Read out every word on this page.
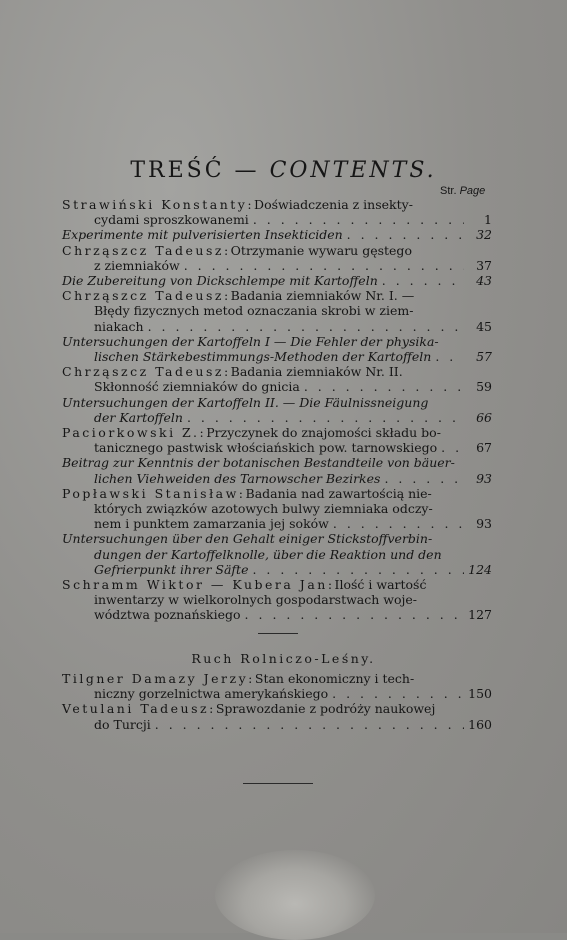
TREŚĆ — CONTENTS.
Str. Page
Strawiński Konstanty: Doświadczenia z insekty-
cydami sproszkowanemi . . .	1
Experimente mit pulverisierten Insekticiden . . .	32
Chrząszcz Tadeusz: Otrzymanie wywaru gęstego
z ziemniaków . . .	37
Die Zubereitung von Dickschlempe mit Kartoffeln . . .	43
Chrząszcz Tadeusz: Badania ziemniaków Nr. I. —
Błędy fizycznych metod oznaczania skrobi w ziem-
niakach . . .	45
Untersuchungen der Kartoffeln I — Die Fehler der physika-
lischen Stärkebestimmungs-Methoden der Kartoffeln . . .	57
Chrząszcz Tadeusz: Badania ziemniaków Nr. II.
Skłonność ziemniaków do gnicia . . .	59
Untersuchungen der Kartoffeln II. — Die Fäulnissneigung
der Kartoffeln . . .	66
Paciorkowski Z.: Przyczynek do znajomości składu bo-
tanicznego pastwisk włościańskich pow. tarnowskiego . . .	67
Beitrag zur Kenntnis der botanischen Bestandteile von bäuer-
lichen Viehweiden des Tarnowscher Bezirkes . . .	93
Popławski Stanisław: Badania nad zawartością nie-
których związków azotowych bulwy ziemniaka odczy-
nem i punktem zamarzania jej soków . . .	93
Untersuchungen über den Gehalt einiger Stickstoffverbin-
dungen der Kartoffelknolle, über die Reaktion und den
Gefrierpunkt ihrer Säfte . . .	124
Schramm Wiktor — Kubera Jan: Ilość i wartość
inwentarzy w wielkorolnych gospodarstwach woje-
wództwa poznańskiego . . .	127
Ruch Rolniczo-Leśny.
Tilgner Damazy Jerzy: Stan ekonomiczny i tech-
niczny gorzelnictwa amerykańskiego . . .	150
Vetulani Tadeusz: Sprawozdanie z podróży naukowej
do Turcji . . .	160
